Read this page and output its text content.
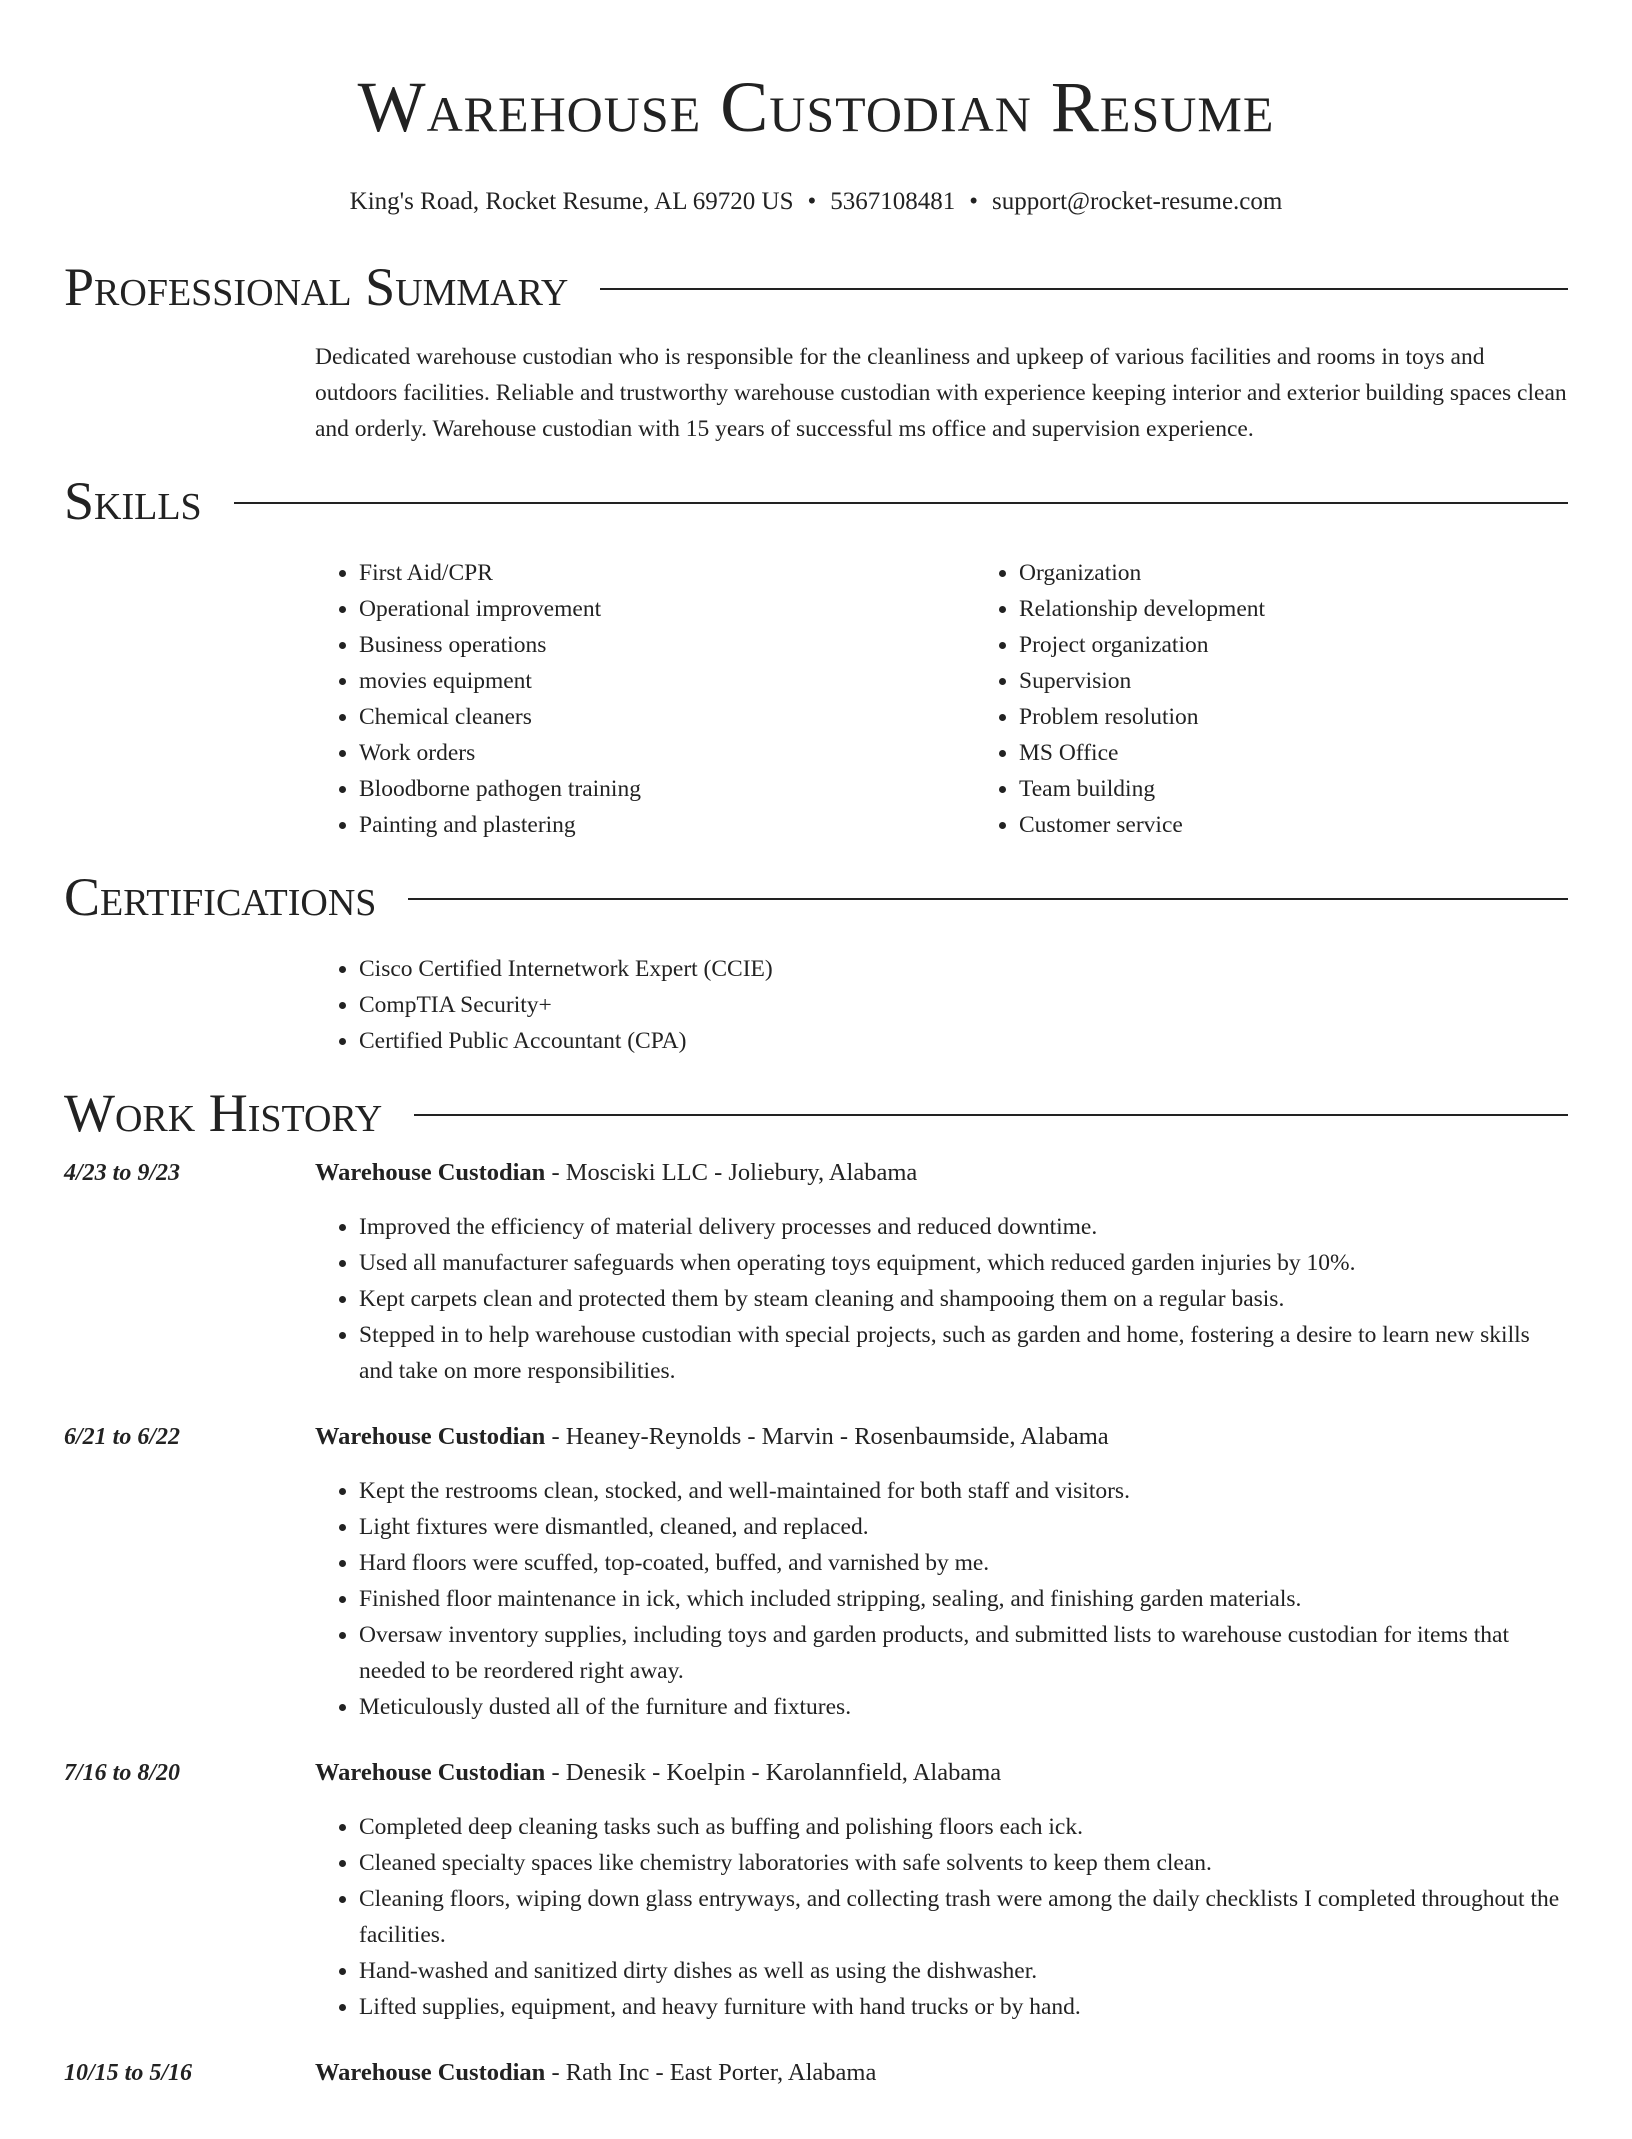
Warehouse Custodian Resume
King's Road, Rocket Resume, AL 69720 US • 5367108481 • support@rocket-resume.com
Professional Summary

Dedicated warehouse custodian who is responsible for the cleanliness and upkeep of various facilities and rooms in toys and outdoors facilities. Reliable and trustworthy warehouse custodian with experience keeping interior and exterior building spaces clean and orderly. Warehouse custodian with 15 years of successful ms office and supervision experience.

Skills
• First Aid/CPR
• Operational improvement
• Business operations
• movies equipment
• Chemical cleaners
• Work orders
• Bloodborne pathogen training
• Painting and plastering
• Organization
• Relationship development
• Project organization
• Supervision
• Problem resolution
• MS Office
• Team building
• Customer service
Certifications
• Cisco Certified Internetwork Expert (CCIE)
• CompTIA Security+
• Certified Public Accountant (CPA)
Work History
4/23 to 9/23	Warehouse Custodian - Mosciski LLC - Joliebury, Alabama
• Improved the efficiency of material delivery processes and reduced downtime.
• Used all manufacturer safeguards when operating toys equipment, which reduced garden injuries by 10%.
• Kept carpets clean and protected them by steam cleaning and shampooing them on a regular basis.
• Stepped in to help warehouse custodian with special projects, such as garden and home, fostering a desire to learn new skills and take on more responsibilities.
6/21 to 6/22	Warehouse Custodian - Heaney-Reynolds - Marvin - Rosenbaumside, Alabama
• Kept the restrooms clean, stocked, and well-maintained for both staff and visitors.
• Light fixtures were dismantled, cleaned, and replaced.
• Hard floors were scuffed, top-coated, buffed, and varnished by me.
• Finished floor maintenance in ick, which included stripping, sealing, and finishing garden materials.
• Oversaw inventory supplies, including toys and garden products, and submitted lists to warehouse custodian for items that needed to be reordered right away.
• Meticulously dusted all of the furniture and fixtures.
7/16 to 8/20	Warehouse Custodian - Denesik - Koelpin - Karolannfield, Alabama
• Completed deep cleaning tasks such as buffing and polishing floors each ick.
• Cleaned specialty spaces like chemistry laboratories with safe solvents to keep them clean.
• Cleaning floors, wiping down glass entryways, and collecting trash were among the daily checklists I completed throughout the facilities.
• Hand-washed and sanitized dirty dishes as well as using the dishwasher.
• Lifted supplies, equipment, and heavy furniture with hand trucks or by hand.
10/15 to 5/16	Warehouse Custodian - Rath Inc - East Porter, Alabama
